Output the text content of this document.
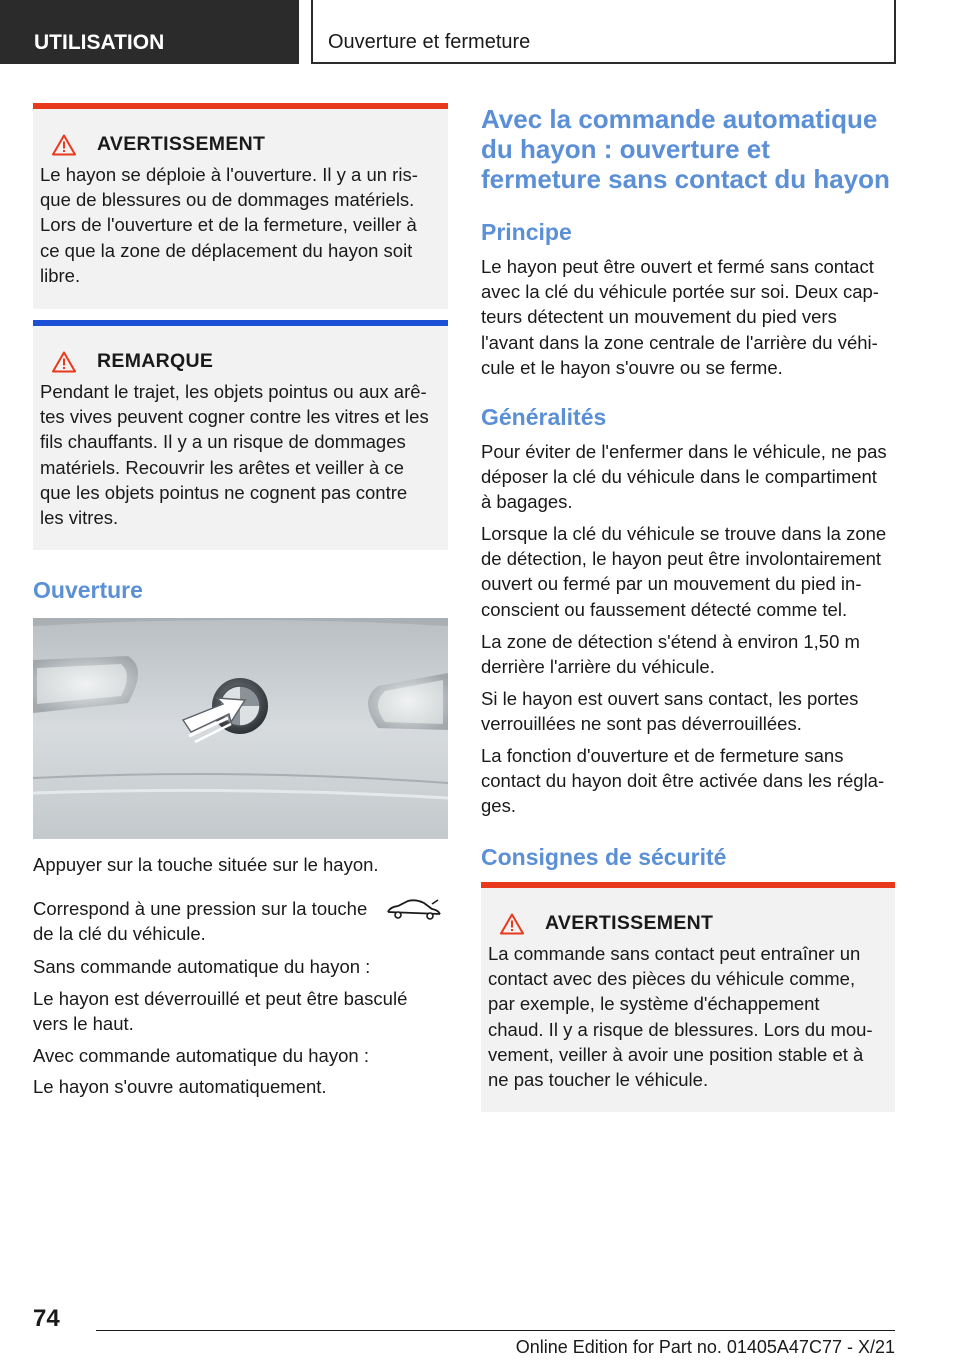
UTILISATION	Ouverture et fermeture
AVERTISSEMENT

Le hayon se déploie à l'ouverture. Il y a un ris-
que de blessures ou de dommages matériels.
Lors de l'ouverture et de la fermeture, veiller à
ce que la zone de déplacement du hayon soit
libre.

REMARQUE

Pendant le trajet, les objets pointus ou aux arê-
tes vives peuvent cogner contre les vitres et les
fils chauffants. Il y a un risque de dommages
matériels. Recouvrir les arêtes et veiller à ce
que les objets pointus ne cognent pas contre
les vitres.

Ouverture
Appuyer sur la touche située sur le hayon.
Correspond à une pression sur la touche
de la clé du véhicule.
Sans commande automatique du hayon :
Le hayon est déverrouillé et peut être basculé
vers le haut.
Avec commande automatique du hayon :
Le hayon s'ouvre automatiquement.
Avec la commande automatique
du hayon : ouverture et
fermeture sans contact du hayon
Principe
Le hayon peut être ouvert et fermé sans contact
avec la clé du véhicule portée sur soi. Deux cap-
teurs détectent un mouvement du pied vers
l'avant dans la zone centrale de l'arrière du véhi-
cule et le hayon s'ouvre ou se ferme.
Généralités
Pour éviter de l'enfermer dans le véhicule, ne pas
déposer la clé du véhicule dans le compartiment
à bagages.
Lorsque la clé du véhicule se trouve dans la zone
de détection, le hayon peut être involontairement
ouvert ou fermé par un mouvement du pied in-
conscient ou faussement détecté comme tel.
La zone de détection s'étend à environ 1,50 m
derrière l'arrière du véhicule.
Si le hayon est ouvert sans contact, les portes
verrouillées ne sont pas déverrouillées.
La fonction d'ouverture et de fermeture sans
contact du hayon doit être activée dans les régla-
ges.
Consignes de sécurité
AVERTISSEMENT

La commande sans contact peut entraîner un
contact avec des pièces du véhicule comme,
par exemple, le système d'échappement
chaud. Il y a risque de blessures. Lors du mou-
vement, veiller à avoir une position stable et à
ne pas toucher le véhicule.

74
Online Edition for Part no. 01405A47C77 - X/21
